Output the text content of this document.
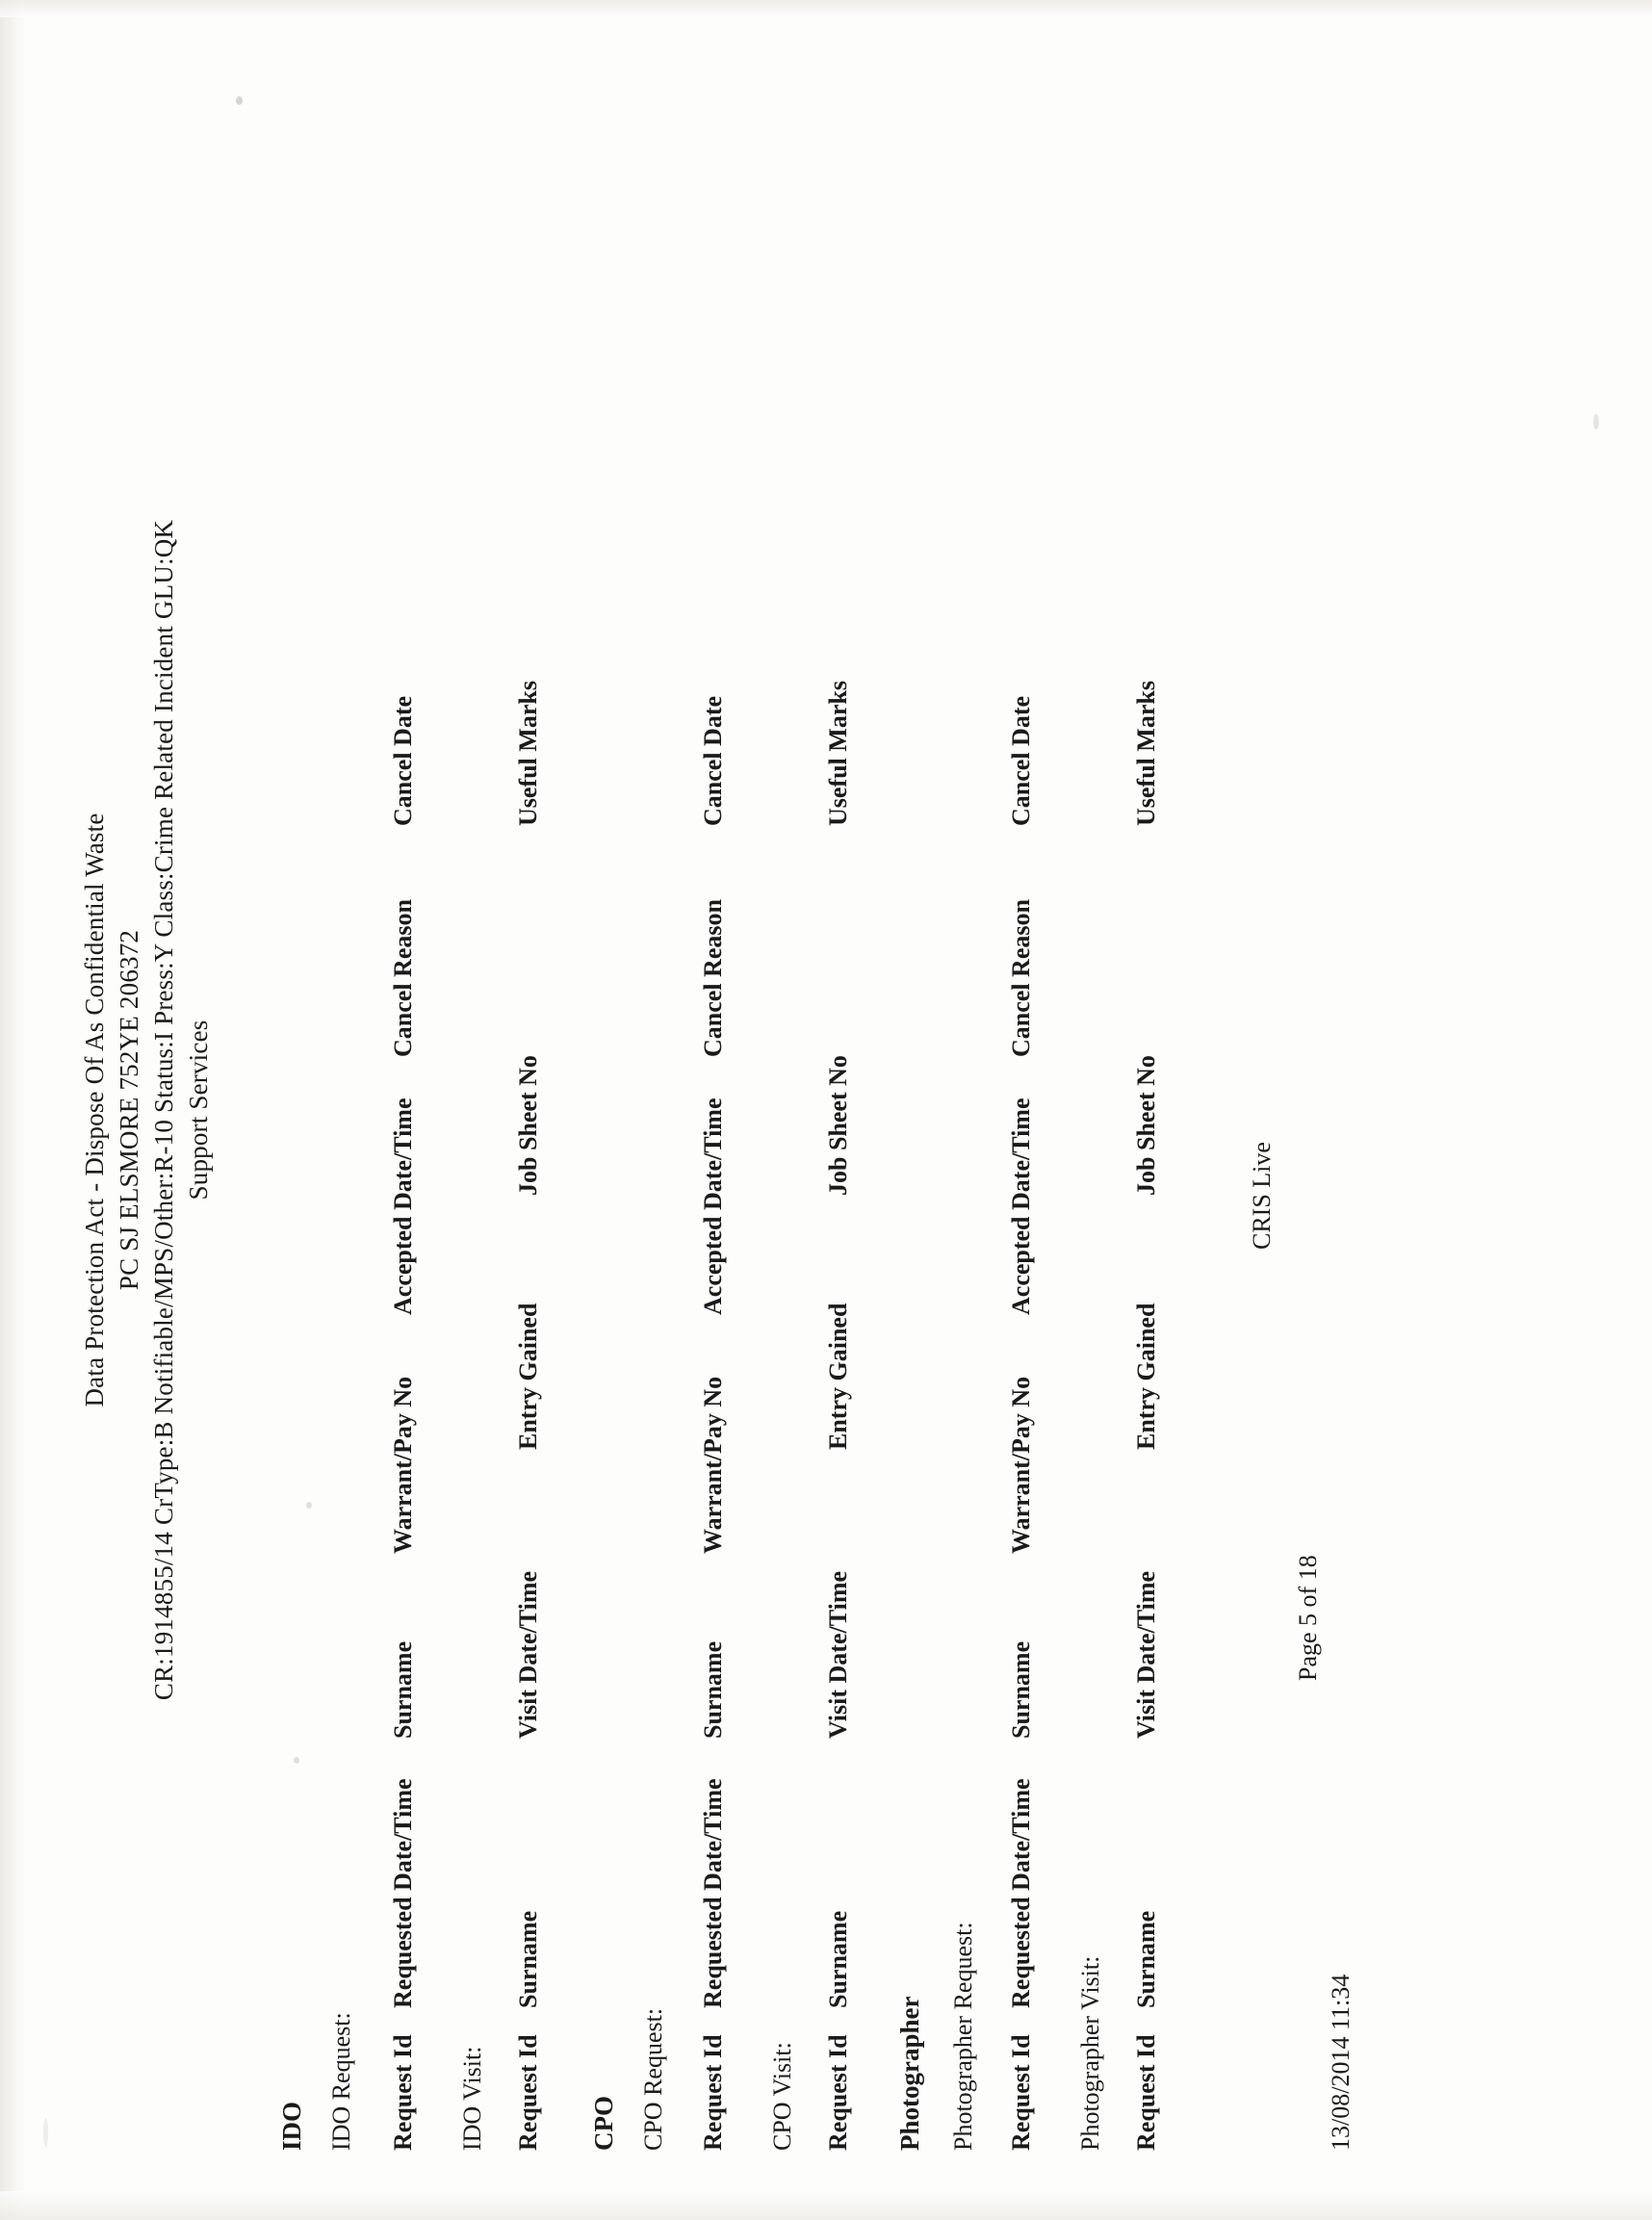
Data Protection Act - Dispose Of As Confidential Waste PC SJ ELSMORE 752YE 206372 CR:1914855/14 CrType:B Notifiable/MPS/Other:R-10 Status:I Press:Y Class:Crime Related Incident GLU:QK Support Services
IDO IDO Request: Request Id
Requested Date/Time
Surname
Warrant/Pay No
Accepted Date/Time
Cancel Reason
Cancel Date
IDO Visit: Request Id
Surname
Visit Date/Time
Entry Gained
Job Sheet No
Useful Marks
CPO CPO Request: Request Id
Requested Date/Time
Surname
Warrant/Pay No
Accepted Date/Time
Cancel Reason
Cancel Date
CPO Visit: Request Id
Surname
Visit Date/Time
Entry Gained
Job Sheet No
Useful Marks
Photographer Photographer Request: Request Id
Requested Date/Time
Surname
Warrant/Pay No
Accepted Date/Time
Cancel Reason
Cancel Date
Photographer Visit: Request Id
Surname
Visit Date/Time
Entry Gained
Job Sheet No
Useful Marks
13/08/2014 11:34
Page 5 of 18
CRIS Live
